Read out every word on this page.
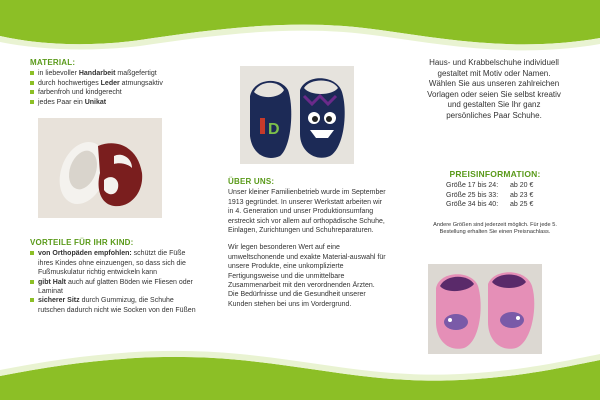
MATERIAL:
in liebevoller Handarbeit maßgefertigt
durch hochwertiges Leder atmungsaktiv
farbenfroh und kindgerecht
jedes Paar ein Unikat
VORTEILE FÜR IHR KIND:
von Orthopäden empfohlen: schützt die Füße ihres Kindes ohne einzuengen, so dass sich die Fußmuskulatur richtig entwickeln kann
gibt Halt auch auf glatten Böden wie Fliesen oder Laminat
sicherer Sitz durch Gummizug, die Schuhe rutschen dadurch nicht wie Socken von den Füßen
D
ÜBER UNS:

Unser kleiner Familienbetrieb wurde im September 1913 gegründet. In unserer Werkstatt arbeiten wir in 4. Generation und unser Produktionsumfang erstreckt sich vor allem auf orthopädische Schuhe, Einlagen, Zurichtungen und Schuhreparaturen.

Wir legen besonderen Wert auf eine umweltschonende und exakte Material-auswahl für unsere Produkte, eine unkomplizierte Fertigungsweise und die unmittelbare Zusammenarbeit mit den verordnenden Ärzten. Die Bedürfnisse und die Gesundheit unserer Kunden stehen bei uns im Vordergrund.

Haus- und Krabbelschuhe individuell gestaltet mit Motiv oder Namen. Wählen Sie aus unseren zahlreichen Vorlagen oder seien Sie selbst kreativ und gestalten Sie Ihr ganz persönliches Paar Schuhe.
PREISINFORMATION:
Größe 17 bis 24:	ab 20 €
Größe 25 bis 33:	ab 23 €
Größe 34 bis 40:	ab 25 €

Andere Größen sind jederzeit möglich. Für jede 5. Bestellung erhalten Sie einen Preisnachlass.
